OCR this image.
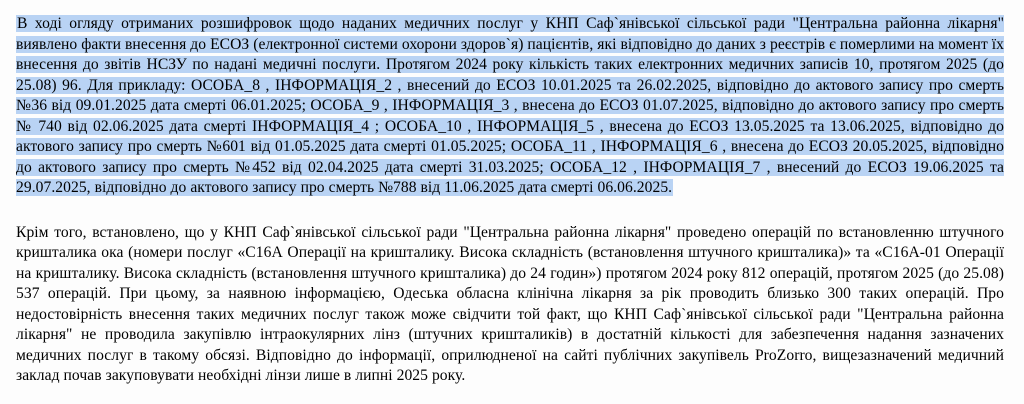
В ході огляду отриманих розшифровок щодо наданих медичних послуг у КНП Саф`янівської сільської ради "Центральна районна лікарня" виявлено факти внесення до ЕСОЗ (електронної системи охорони здоров`я) пацієнтів, які відповідно до даних з реєстрів є померлими на момент їх внесення до звітів НСЗУ по надані медичні послуги. Протягом 2024 року кількість таких електронних медичних записів 10, протягом 2025 (до 25.08) 96. Для прикладу: ОСОБА_8 , ІНФОРМАЦІЯ_2 , внесений до ЕСОЗ 10.01.2025 та 26.02.2025, відповідно до актового запису про смерть №36 від 09.01.2025 дата смерті 06.01.2025; ОСОБА_9 , ІНФОРМАЦІЯ_3 , внесена до ЕСОЗ 01.07.2025, відповідно до актового запису про смерть № 740 від 02.06.2025 дата смерті ІНФОРМАЦІЯ_4 ; ОСОБА_10 , ІНФОРМАЦІЯ_5 , внесена до ЕСОЗ 13.05.2025 та 13.06.2025, відповідно до актового запису про смерть №601 від 01.05.2025 дата смерті 01.05.2025; ОСОБА_11 , ІНФОРМАЦІЯ_6 , внесена до ЕСОЗ 20.05.2025, відповідно до актового запису про смерть №452 від 02.04.2025 дата смерті 31.03.2025; ОСОБА_12 , ІНФОРМАЦІЯ_7 , внесений до ЕСОЗ 19.06.2025 та 29.07.2025, відповідно до актового запису про смерть №788 від 11.06.2025 дата смерті 06.06.2025.

Крім того, встановлено, що у КНП Саф`янівської сільської ради "Центральна районна лікарня" проведено операцій по встановленню штучного кришталика ока (номери послуг «С16А Операції на кришталику. Висока складність (встановлення штучного кришталика)» та «С16А-01 Операції на кришталику. Висока складність (встановлення штучного кришталика) до 24 годин») протягом 2024 року 812 операцій, протягом 2025 (до 25.08) 537 операцій. При цьому, за наявною інформацією, Одеська обласна клінічна лікарня за рік проводить близько 300 таких операцій. Про недостовірність внесення таких медичних послуг також може свідчити той факт, що КНП Саф`янівської сільської ради "Центральна районна лікарня" не проводила закупівлю інтраокулярних лінз (штучних кришталиків) в достатній кількості для забезпечення надання зазначених медичних послуг в такому обсязі. Відповідно до інформації, оприлюдненої на сайті публічних закупівель ProZorro, вищезазначений медичний заклад почав закуповувати необхідні лінзи лише в липні 2025 року.
